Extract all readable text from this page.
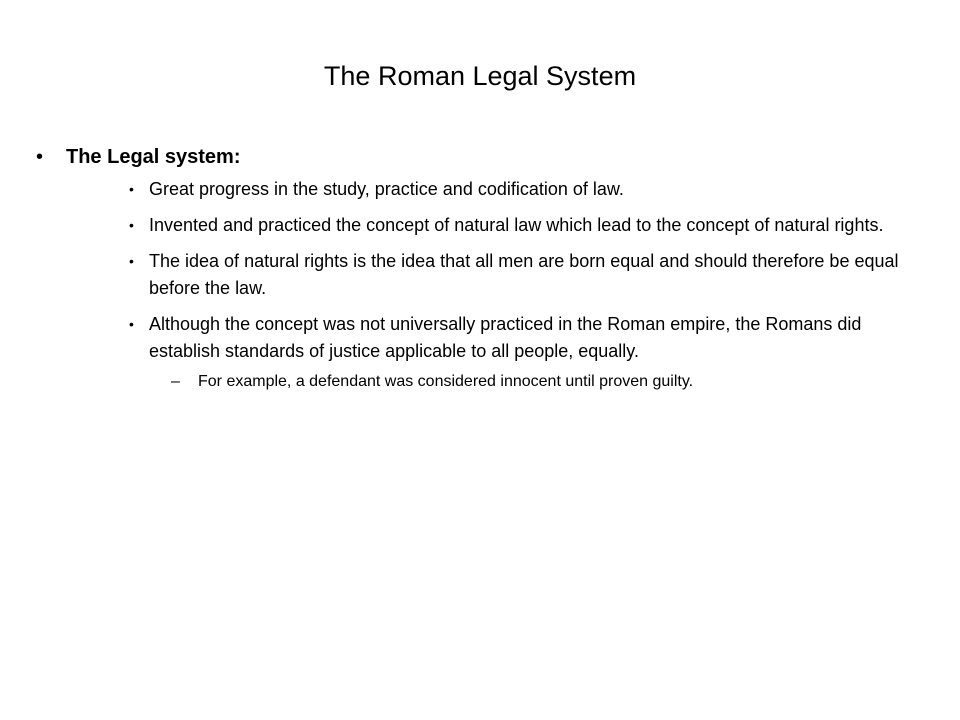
The Roman Legal System
• The Legal system:
• Great progress in the study, practice and codification of law.
• Invented and practiced the concept of natural law which lead to the concept of natural rights.
• The idea of natural rights is the idea that all men are born equal and should therefore be equal before the law.
• Although the concept was not universally practiced in the Roman empire, the Romans did establish standards of justice applicable to all people, equally.
– For example, a defendant was considered innocent until proven guilty.
